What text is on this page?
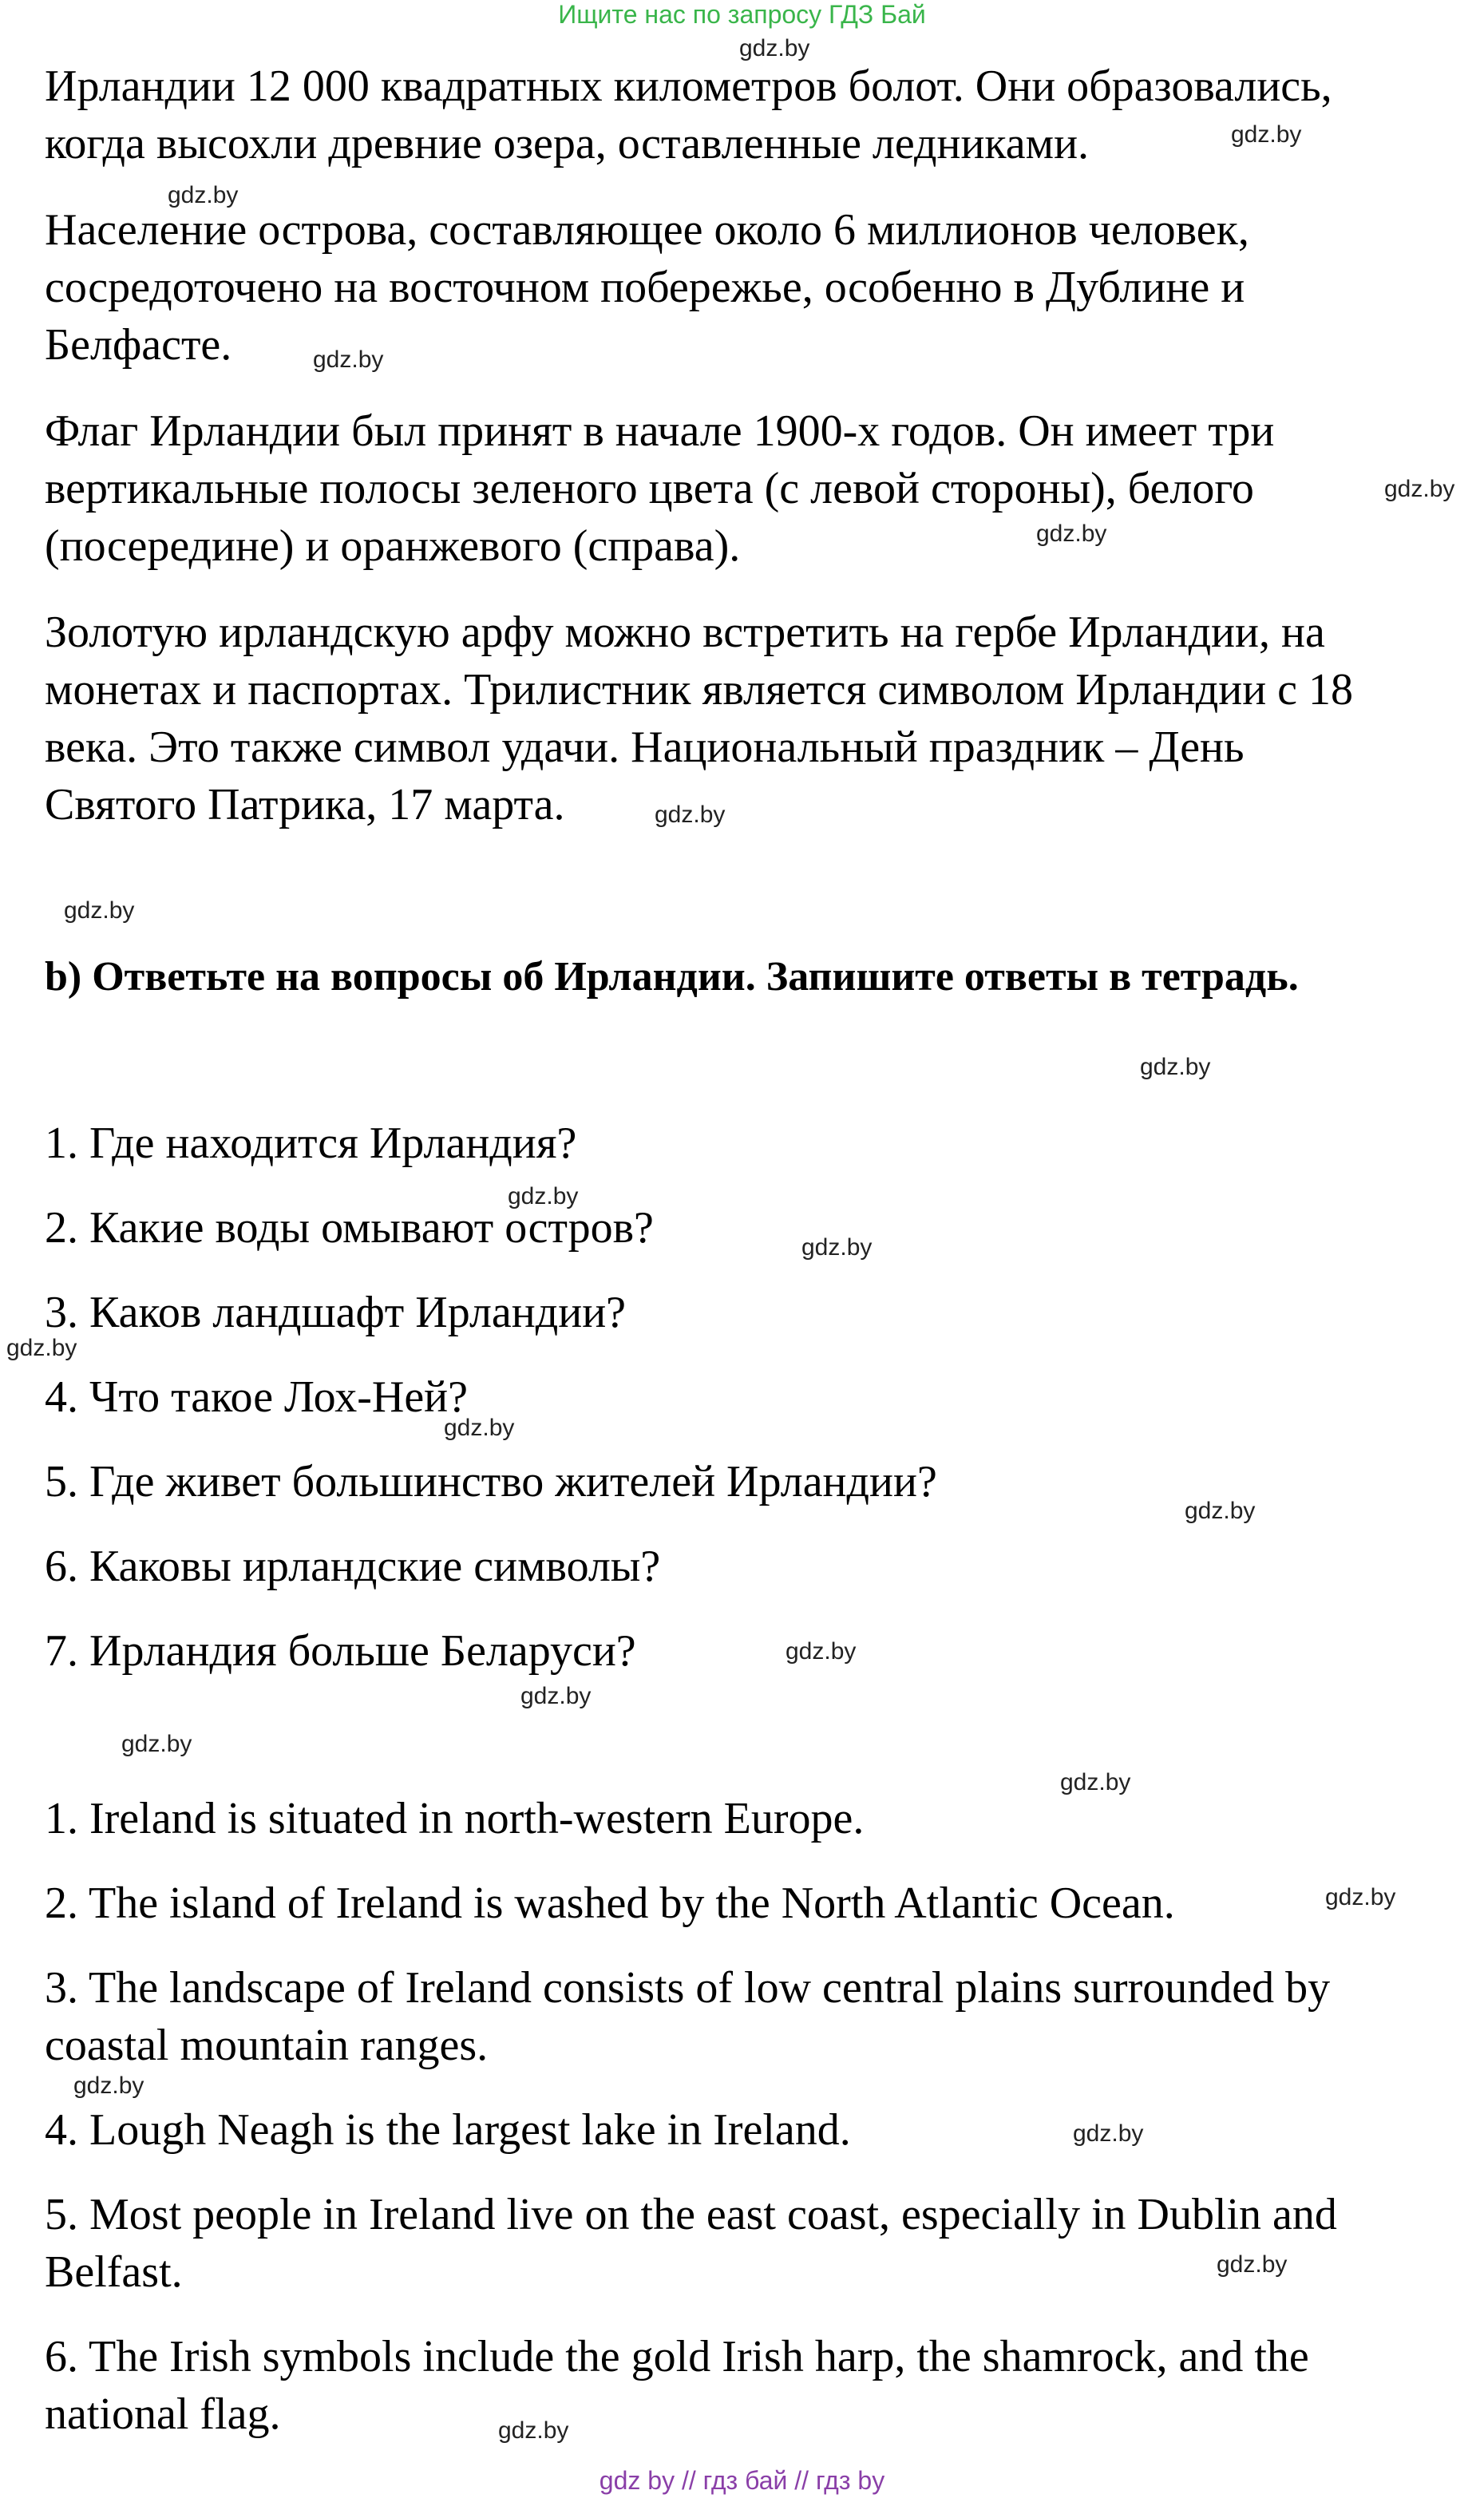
Ищите нас по запросу ГДЗ Бай

Ирландии 12 000 квадратных километров болот. Они образовались,

когда высохли древние озера, оставленные ледниками.

Население острова, составляющее около 6 миллионов человек,

сосредоточено на восточном побережье, особенно в Дублине и

Белфасте.

Флаг Ирландии был принят в начале 1900-х годов. Он имеет три

вертикальные полосы зеленого цвета (с левой стороны), белого

(посередине) и оранжевого (справа).

Золотую ирландскую арфу можно встретить на гербе Ирландии, на

монетах и паспортах. Трилистник является символом Ирландии с 18

века. Это также символ удачи. Национальный праздник – День

Святого Патрика, 17 марта.

b) Ответьте на вопросы об Ирландии. Запишите ответы в тетрадь.

1. Где находится Ирландия?

2. Какие воды омывают остров?

3. Каков ландшафт Ирландии?

4. Что такое Лох-Ней?

5. Где живет большинство жителей Ирландии?

6. Каковы ирландские символы?

7. Ирландия больше Беларуси?

1. Ireland is situated in north-western Europe.

2. The island of Ireland is washed by the North Atlantic Ocean.

3. The landscape of Ireland consists of low central plains surrounded by

coastal mountain ranges.

4. Lough Neagh is the largest lake in Ireland.

5. Most people in Ireland live on the east coast, especially in Dublin and

Belfast.

6. The Irish symbols include the gold Irish harp, the shamrock, and the

national flag.

gdz.by
gdz.by
gdz.by
gdz.by
gdz.by
gdz.by
gdz.by
gdz.by
gdz.by
gdz.by
gdz.by
gdz.by
gdz.by
gdz.by
gdz.by
gdz.by
gdz.by
gdz.by
gdz.by
gdz.by
gdz.by
gdz.by
gdz.by
gdz by // гдз бай // гдз by
